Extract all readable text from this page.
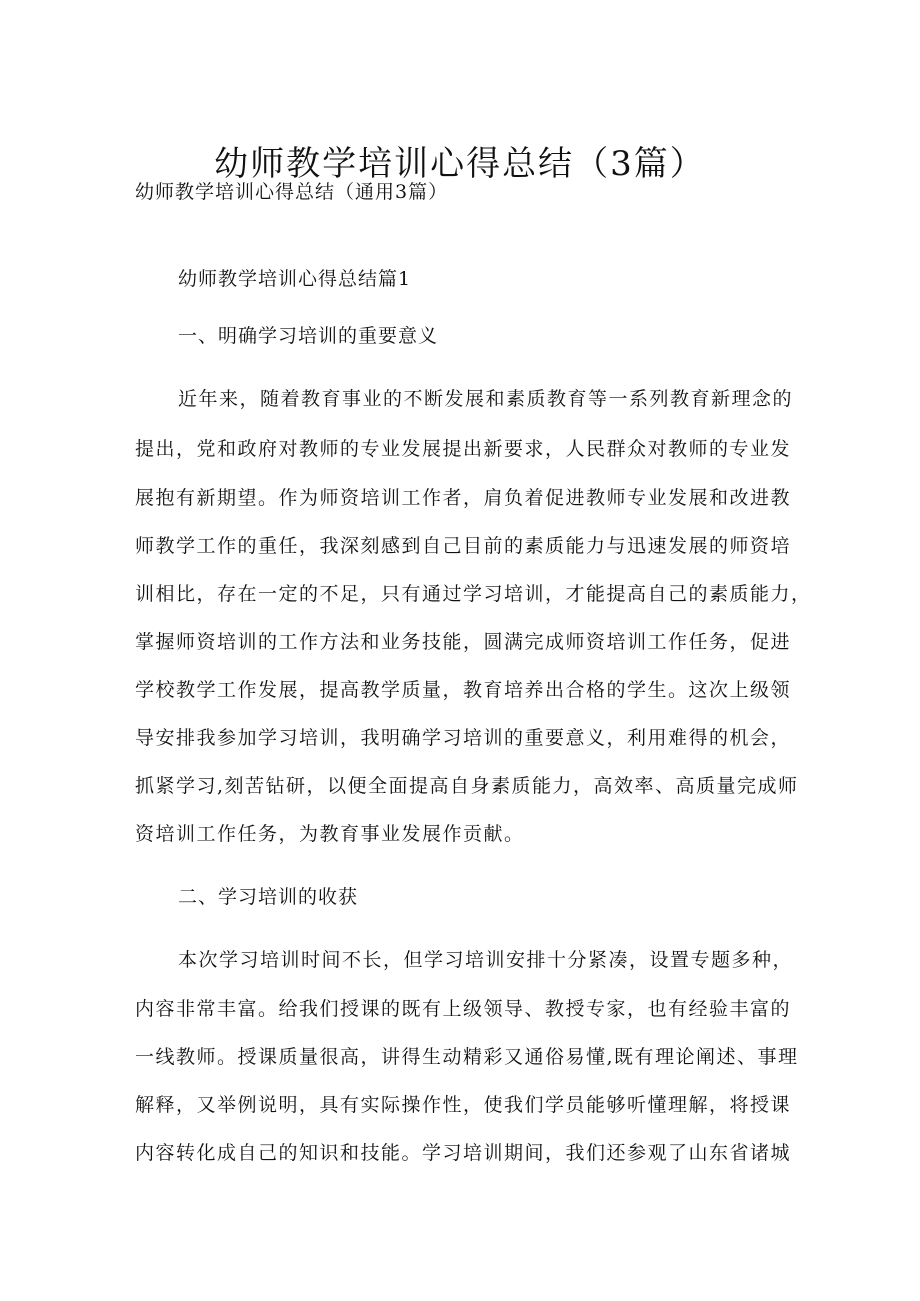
幼师教学培训心得总结（3篇）
幼师教学培训心得总结（通用3篇）
幼师教学培训心得总结篇1
一、明确学习培训的重要意义
近年来，随着教育事业的不断发展和素质教育等一系列教育新理念的
提出，党和政府对教师的专业发展提出新要求，人民群众对教师的专业发
展抱有新期望。作为师资培训工作者，肩负着促进教师专业发展和改进教
师教学工作的重任，我深刻感到自己目前的素质能力与迅速发展的师资培
训相比，存在一定的不足，只有通过学习培训，才能提高自己的素质能力，
掌握师资培训的工作方法和业务技能，圆满完成师资培训工作任务，促进
学校教学工作发展，提高教学质量，教育培养出合格的学生。这次上级领
导安排我参加学习培训，我明确学习培训的重要意义，利用难得的机会，
抓紧学习,刻苦钻研，以便全面提高自身素质能力，高效率、高质量完成师
资培训工作任务，为教育事业发展作贡献。
二、学习培训的收获
本次学习培训时间不长，但学习培训安排十分紧凑，设置专题多种，
内容非常丰富。给我们授课的既有上级领导、教授专家，也有经验丰富的
一线教师。授课质量很高，讲得生动精彩又通俗易懂,既有理论阐述、事理
解释，又举例说明，具有实际操作性，使我们学员能够听懂理解，将授课
内容转化成自己的知识和技能。学习培训期间，我们还参观了山东省诸城
